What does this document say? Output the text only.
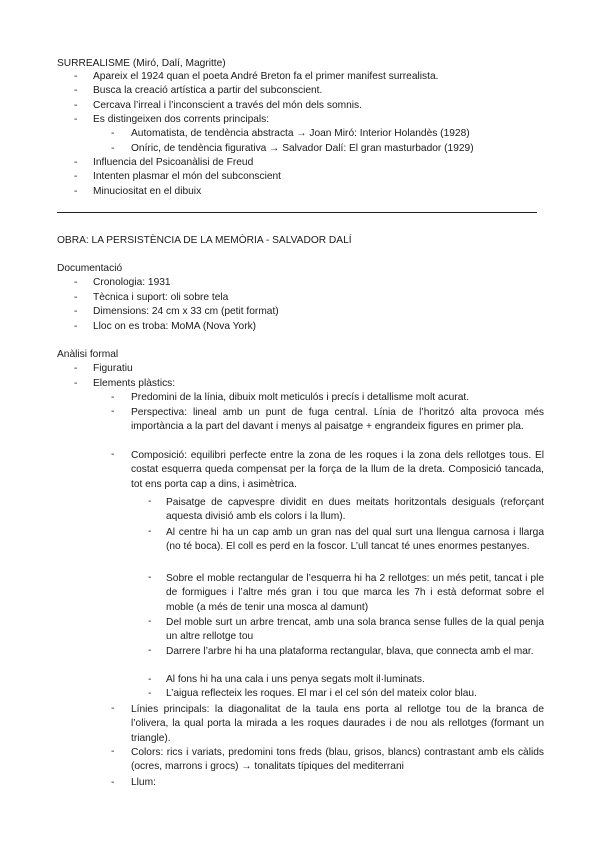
SURREALISME (Miró, Dalí, Magritte)
- Apareix el 1924 quan el poeta André Breton fa el primer manifest surrealista.
- Busca la creació artística a partir del subconscient.
- Cercava l’irreal i l’inconscient a través del món dels somnis.
- Es distingeixen dos corrents principals:
- Automatista, de tendència abstracta → Joan Miró: Interior Holandès (1928)
- Oníric, de tendència figurativa → Salvador Dalí: El gran masturbador (1929)
- Influencia del Psicoanàlisi de Freud
- Intenten plasmar el món del subconscient
- Minuciositat en el dibuix
OBRA: LA PERSISTÈNCIA DE LA MEMÒRIA - SALVADOR DALÍ
Documentació
- Cronologia: 1931
- Tècnica i suport: oli sobre tela
- Dimensions: 24 cm x 33 cm (petit format)
- Lloc on es troba: MoMA (Nova York)
Anàlisi formal
- Figuratiu
- Elements plàstics:
- Predomini de la línia, dibuix molt meticulós i precís i detallisme molt acurat.
- Perspectiva: lineal amb un punt de fuga central. Línia de l’horitzó alta provoca més importància a la part del davant i menys al paisatge + engrandeix figures en primer pla.
- Composició: equilibri perfecte entre la zona de les roques i la zona dels rellotges tous. El costat esquerra queda compensat per la força de la llum de la dreta. Composició tancada, tot ens porta cap a dins, i asimètrica.
- Paisatge de capvespre dividit en dues meitats horitzontals desiguals (reforçant aquesta divisió amb els colors i la llum).
- Al centre hi ha un cap amb un gran nas del qual surt una llengua carnosa i llarga (no té boca). El coll es perd en la foscor. L’ull tancat té unes enormes pestanyes.
- Sobre el moble rectangular de l’esquerra hi ha 2 rellotges: un més petit, tancat i ple de formigues i l’altre més gran i tou que marca les 7h i està deformat sobre el moble (a més de tenir una mosca al damunt)
- Del moble surt un arbre trencat, amb una sola branca sense fulles de la qual penja un altre rellotge tou
- Darrere l’arbre hi ha una plataforma rectangular, blava, que connecta amb el mar.
- Al fons hi ha una cala i uns penya segats molt il·luminats.
- L’aigua reflecteix les roques. El mar i el cel són del mateix color blau.
- Línies principals: la diagonalitat de la taula ens porta al rellotge tou de la branca de l’olivera, la qual porta la mirada a les roques daurades i de nou als rellotges (formant un triangle).
- Colors: rics i variats, predomini tons freds (blau, grisos, blancs) contrastant amb els càlids (ocres, marrons i grocs) → tonalitats típiques del mediterrani
- Llum:
